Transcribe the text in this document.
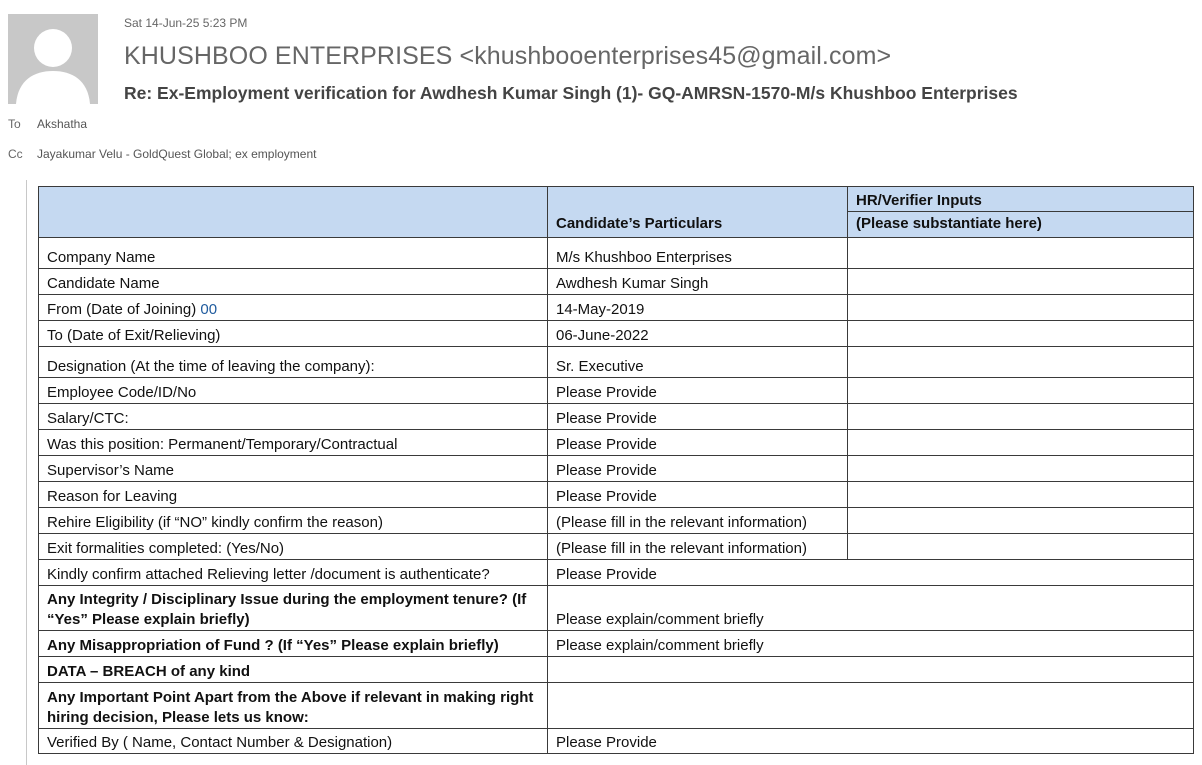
Sat 14-Jun-25 5:23 PM
KHUSHBOO ENTERPRISES <khushbooenterprises45@gmail.com>
Re: Ex-Employment verification for Awdhesh Kumar Singh (1)- GQ-AMRSN-1570-M/s Khushboo Enterprises
To Akshatha
Cc Jayakumar Velu - GoldQuest Global; ex employment
	Candidate’s Particulars	HR/Verifier Inputs
		(Please substantiate here)
Company Name	M/s Khushboo Enterprises	
Candidate Name	Awdhesh Kumar Singh	
From (Date of Joining) 00	14-May-2019	
To (Date of Exit/Relieving)	06-June-2022	
Designation (At the time of leaving the company):	Sr. Executive	
Employee Code/ID/No	Please Provide	
Salary/CTC:	Please Provide	
Was this position: Permanent/Temporary/Contractual	Please Provide	
Supervisor’s Name	Please Provide	
Reason for Leaving	Please Provide	
Rehire Eligibility (if “NO” kindly confirm the reason)	(Please fill in the relevant information)	
Exit formalities completed: (Yes/No)	(Please fill in the relevant information)	
Kindly confirm attached Relieving letter /document is authenticate?	Please Provide	

Any Integrity / Disciplinary Issue during the employment tenure? (If
“Yes” Please explain briefly)	Please explain/comment briefly	
Any Misappropriation of Fund ? (If “Yes” Please explain briefly)	Please explain/comment briefly	
DATA – BREACH of any kind		

Any Important Point Apart from the Above if relevant in making right
hiring decision, Please lets us know:		

Verified By ( Name, Contact Number & Designation)	Please Provide	
